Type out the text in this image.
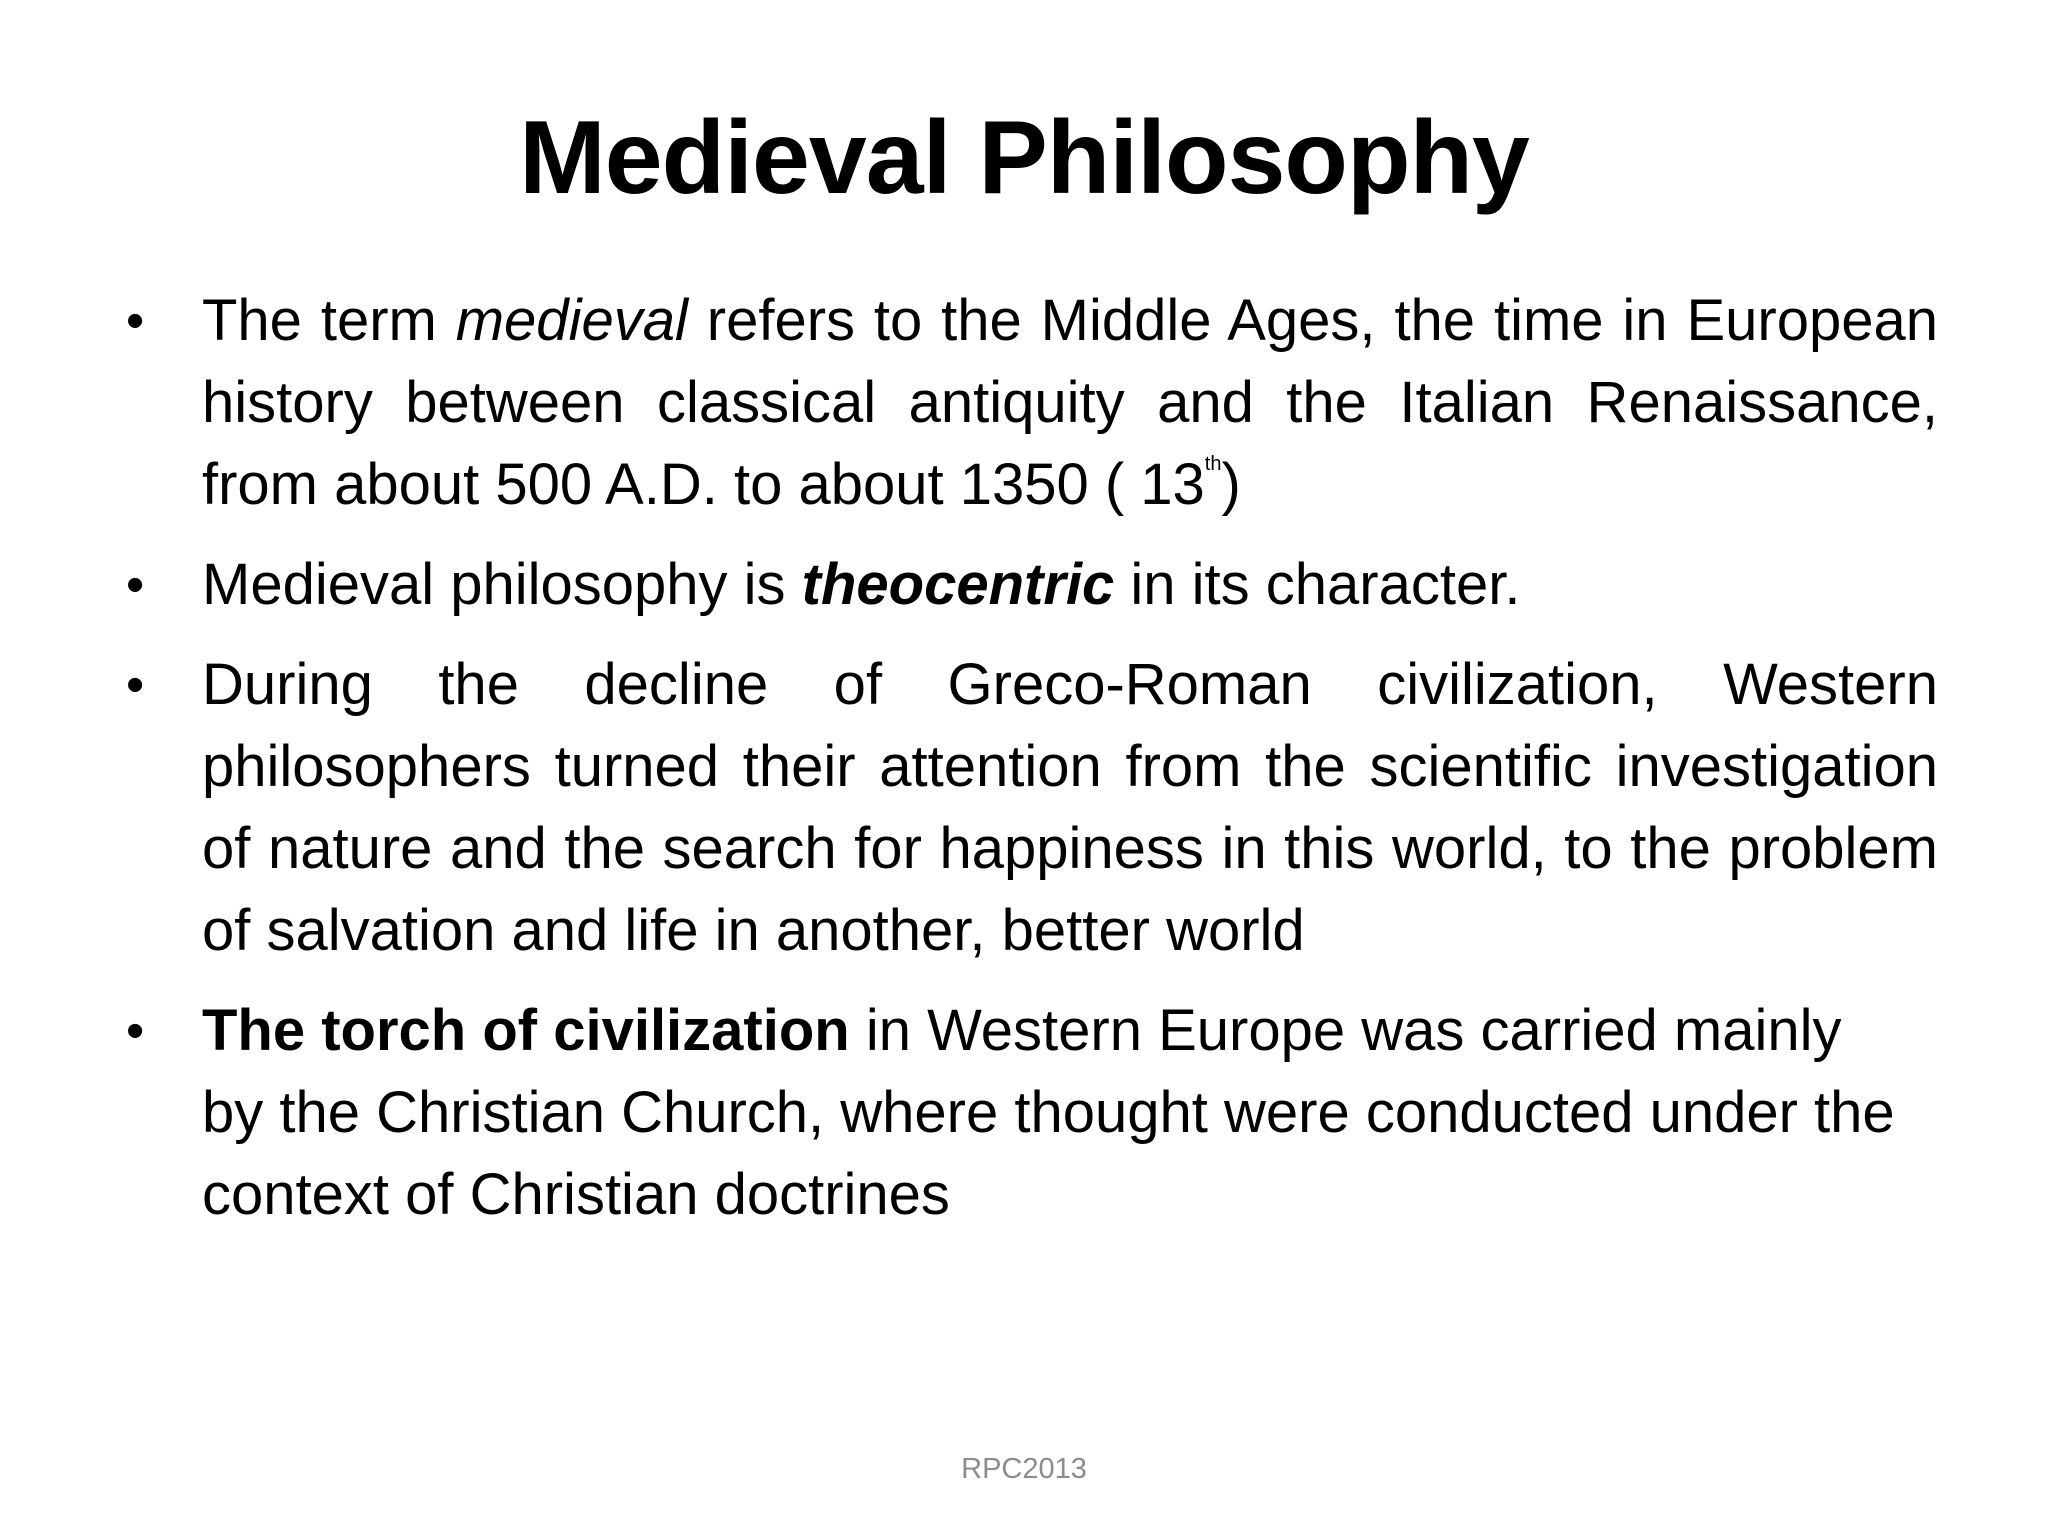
Medieval Philosophy
• The term medieval refers to the Middle Ages, the time in European history between classical antiquity and the Italian Renaissance, from about 500 A.D. to about 1350 ( 13th)
• Medieval philosophy is theocentric in its character.
• During the decline of Greco-Roman civilization, Western philosophers turned their attention from the scientific investigation of nature and the search for happiness in this world, to the problem of salvation and life in another, better world
• The torch of civilization in Western Europe was carried mainly by the Christian Church, where thought were conducted under the context of Christian doctrines
RPC2013
